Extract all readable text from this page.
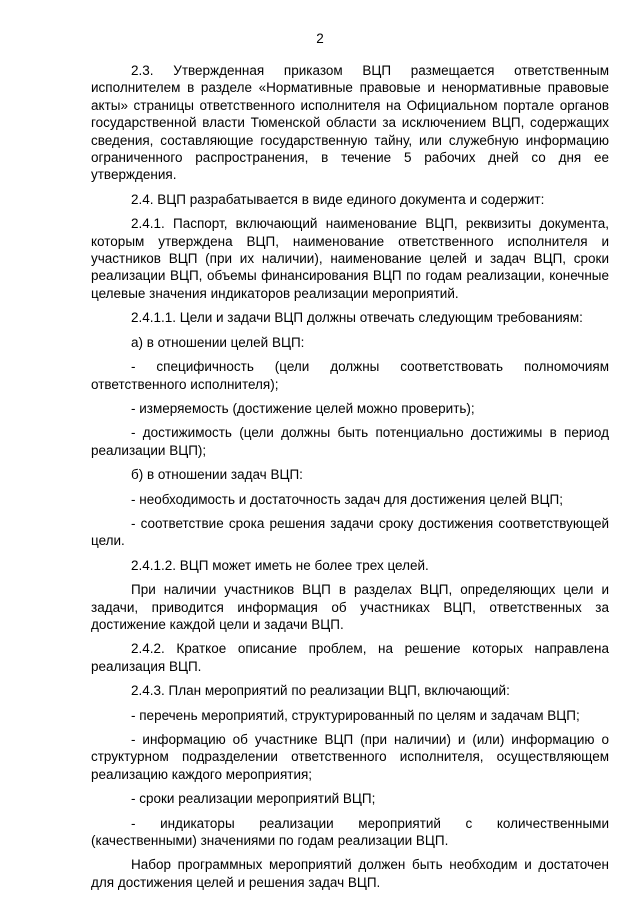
2

2.3. Утвержденная приказом ВЦП размещается ответственным исполнителем в разделе «Нормативные правовые и ненормативные правовые акты» страницы ответственного исполнителя на Официальном портале органов государственной власти Тюменской области за исключением ВЦП, содержащих сведения, составляющие государственную тайну, или служебную информацию ограниченного распространения, в течение 5 рабочих дней со дня ее утверждения.

2.4. ВЦП разрабатывается в виде единого документа и содержит:

2.4.1. Паспорт, включающий наименование ВЦП, реквизиты документа, которым утверждена ВЦП, наименование ответственного исполнителя и участников ВЦП (при их наличии), наименование целей и задач ВЦП, сроки реализации ВЦП, объемы финансирования ВЦП по годам реализации, конечные целевые значения индикаторов реализации мероприятий.

2.4.1.1. Цели и задачи ВЦП должны отвечать следующим требованиям:

а) в отношении целей ВЦП:

- специфичность (цели должны соответствовать полномочиям ответственного исполнителя);

- измеряемость (достижение целей можно проверить);

- достижимость (цели должны быть потенциально достижимы в период реализации ВЦП);

б) в отношении задач ВЦП:

- необходимость и достаточность задач для достижения целей ВЦП;

- соответствие срока решения задачи сроку достижения соответствующей цели.

2.4.1.2. ВЦП может иметь не более трех целей.

При наличии участников ВЦП в разделах ВЦП, определяющих цели и задачи, приводится информация об участниках ВЦП, ответственных за достижение каждой цели и задачи ВЦП.

2.4.2. Краткое описание проблем, на решение которых направлена реализация ВЦП.

2.4.3. План мероприятий по реализации ВЦП, включающий:

- перечень мероприятий, структурированный по целям и задачам ВЦП;

- информацию об участнике ВЦП (при наличии) и (или) информацию о структурном подразделении ответственного исполнителя, осуществляющем реализацию каждого мероприятия;

- сроки реализации мероприятий ВЦП;

- индикаторы реализации мероприятий с количественными (качественными) значениями по годам реализации ВЦП.

Набор программных мероприятий должен быть необходим и достаточен для достижения целей и решения задач ВЦП.
